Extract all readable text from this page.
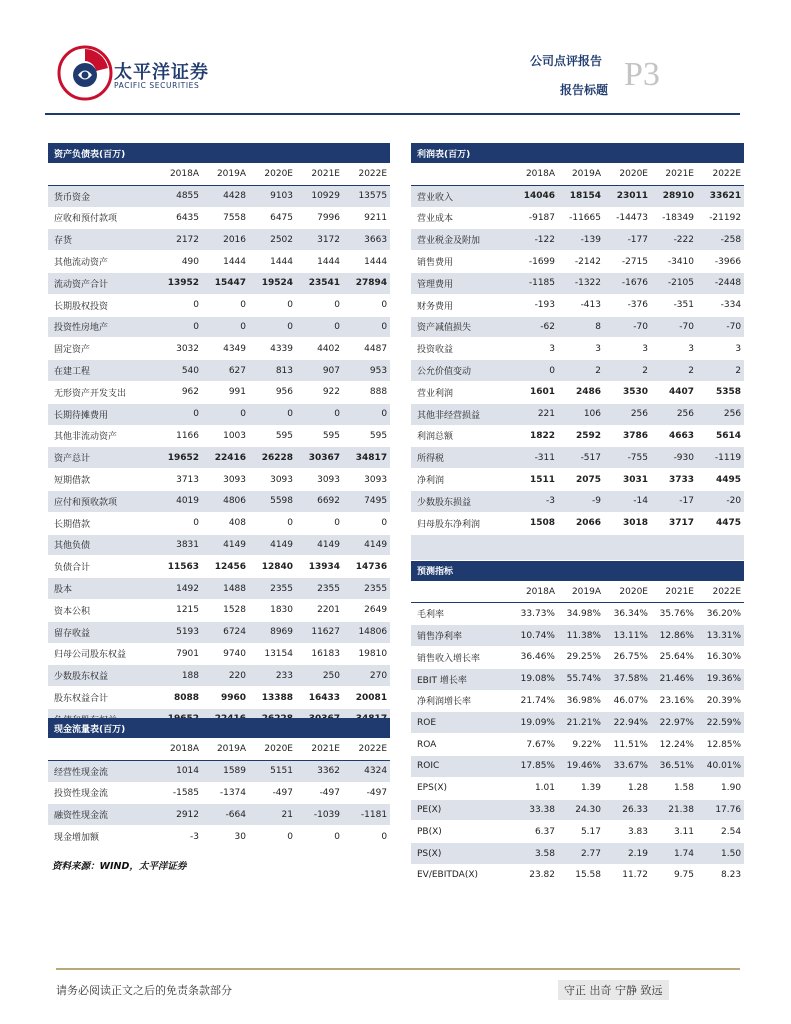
太平洋证券
PACIFIC SECURITIES
公司点评报告
报告标题 P3
资产负债表(百万)					
	2018A	2019A	2020E	2021E	2022E
货币资金	4855	4428	9103	10929	13575
应收和预付款项	6435	7558	6475	7996	9211
存货	2172	2016	2502	3172	3663
其他流动资产	490	1444	1444	1444	1444
流动资产合计	13952	15447	19524	23541	27894
长期股权投资	0	0	0	0	0
投资性房地产	0	0	0	0	0
固定资产	3032	4349	4339	4402	4487
在建工程	540	627	813	907	953
无形资产开发支出	962	991	956	922	888
长期待摊费用	0	0	0	0	0
其他非流动资产	1166	1003	595	595	595
资产总计	19652	22416	26228	30367	34817
短期借款	3713	3093	3093	3093	3093
应付和预收款项	4019	4806	5598	6692	7495
长期借款	0	408	0	0	0
其他负债	3831	4149	4149	4149	4149
负债合计	11563	12456	12840	13934	14736
股本	1492	1488	2355	2355	2355
资本公积	1215	1528	1830	2201	2649
留存收益	5193	6724	8969	11627	14806
归母公司股东权益	7901	9740	13154	16183	19810
少数股东权益	188	220	233	250	270
股东权益合计	8088	9960	13388	16433	20081

利润表(百万)					
	2018A	2019A	2020E	2021E	2022E
营业收入	14046	18154	23011	28910	33621
营业成本	-9187	-11665	-14473	-18349	-21192
营业税金及附加	-122	-139	-177	-222	-258
销售费用	-1699	-2142	-2715	-3410	-3966
管理费用	-1185	-1322	-1676	-2105	-2448
财务费用	-193	-413	-376	-351	-334
资产减值损失	-62	8	-70	-70	-70
投资收益	3	3	3	3	3
公允价值变动	0	2	2	2	2
营业利润	1601	2486	3530	4407	5358
其他非经营损益	221	106	256	256	256
利润总额	1822	2592	3786	4663	5614
所得税	-311	-517	-755	-930	-1119
净利润	1511	2075	3031	3733	4495
少数股东损益	-3	-9	-14	-17	-20
归母股东净利润	1508	2066	3018	3717	4475

预测指标					
	2018A	2019A	2020E	2021E	2022E
毛利率	33.73%	34.98%	36.34%	35.76%	36.20%
销售净利率	10.74%	11.38%	13.11%	12.86%	13.31%
销售收入增长率	36.46%	29.25%	26.75%	25.64%	16.30%
EBIT 增长率	19.08%	55.74%	37.58%	21.46%	19.36%
净利润增长率	21.74%	36.98%	46.07%	23.16%	20.39%
ROE	19.09%	21.21%	22.94%	22.97%	22.59%
ROA	7.67%	9.22%	11.51%	12.24%	12.85%
ROIC	17.85%	19.46%	33.67%	36.51%	40.01%
EPS(X)	1.01	1.39	1.28	1.58	1.90
PE(X)	33.38	24.30	26.33	21.38	17.76
PB(X)	6.37	5.17	3.83	3.11	2.54
PS(X)	3.58	2.77	2.19	1.74	1.50
EV/EBITDA(X)	23.82	15.58	11.72	9.75	8.23
现金流量表(百万)					
	2018A	2019A	2020E	2021E	2022E
经营性现金流	1014	1589	5151	3362	4324
投资性现金流	-1585	-1374	-497	-497	-497
融资性现金流	2912	-664	21	-1039	-1181
现金增加额	-3	30	0	0	0
资料来源：WIND，太平洋证券
请务必阅读正文之后的免责条款部分	守正 出奇 宁静 致远
